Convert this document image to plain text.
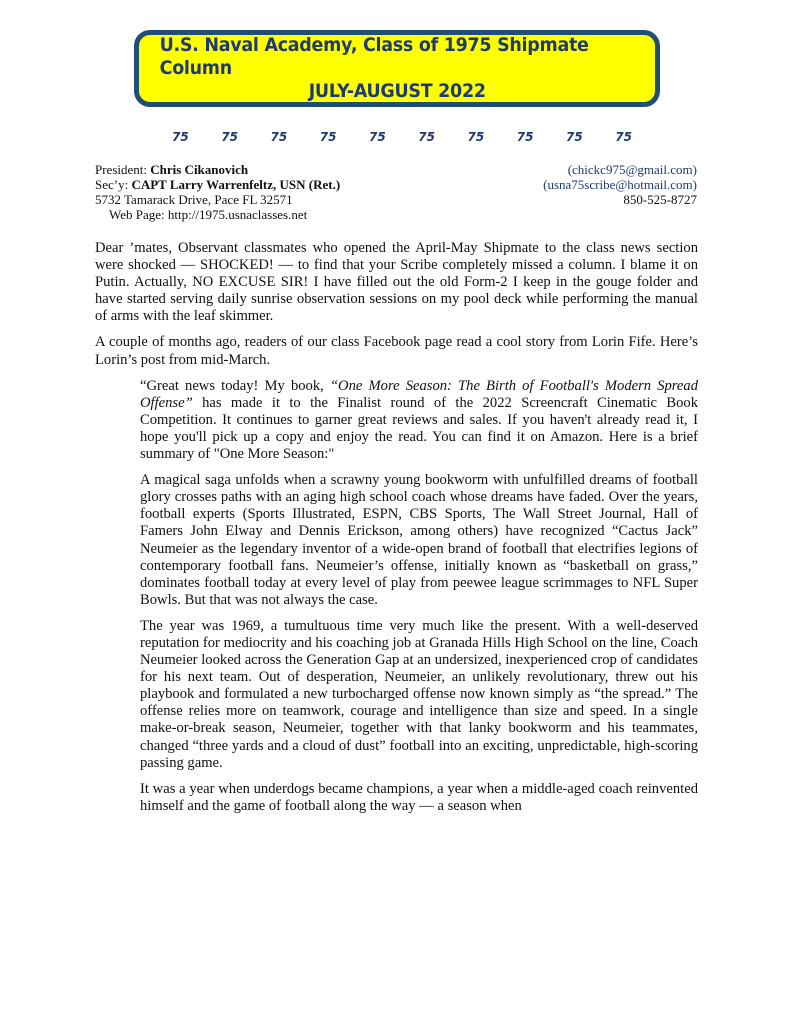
U.S. Naval Academy, Class of 1975 Shipmate Column
JULY-AUGUST 2022
75	75	75	75	75	75	75	75	75	75
President: Chris Cikanovich	(chickc975@gmail.com)
Sec’y: CAPT Larry Warrenfeltz, USN (Ret.)	(usna75scribe@hotmail.com)
5732 Tamarack Drive, Pace FL 32571	850-525-8727
Web Page: http://1975.usnaclasses.net

Dear ’mates, Observant classmates who opened the April-May Shipmate to the class news section were shocked — SHOCKED! — to find that your Scribe completely missed a column. I blame it on Putin. Actually, NO EXCUSE SIR! I have filled out the old Form-2 I keep in the gouge folder and have started serving daily sunrise observation sessions on my pool deck while performing the manual of arms with the leaf skimmer.

A couple of months ago, readers of our class Facebook page read a cool story from Lorin Fife. Here’s Lorin’s post from mid-March.

“Great news today! My book, “One More Season: The Birth of Football's Modern Spread Offense” has made it to the Finalist round of the 2022 Screencraft Cinematic Book Competition. It continues to garner great reviews and sales. If you haven't already read it, I hope you'll pick up a copy and enjoy the read. You can find it on Amazon. Here is a brief summary of "One More Season:"

A magical saga unfolds when a scrawny young bookworm with unfulfilled dreams of football glory crosses paths with an aging high school coach whose dreams have faded. Over the years, football experts (Sports Illustrated, ESPN, CBS Sports, The Wall Street Journal, Hall of Famers John Elway and Dennis Erickson, among others) have recognized “Cactus Jack” Neumeier as the legendary inventor of a wide-open brand of football that electrifies legions of contemporary football fans. Neumeier’s offense, initially known as “basketball on grass,” dominates football today at every level of play from peewee league scrimmages to NFL Super Bowls. But that was not always the case.

The year was 1969, a tumultuous time very much like the present. With a well-deserved reputation for mediocrity and his coaching job at Granada Hills High School on the line, Coach Neumeier looked across the Generation Gap at an undersized, inexperienced crop of candidates for his next team. Out of desperation, Neumeier, an unlikely revolutionary, threw out his playbook and formulated a new turbocharged offense now known simply as “the spread.” The offense relies more on teamwork, courage and intelligence than size and speed. In a single make-or-break season, Neumeier, together with that lanky bookworm and his teammates, changed “three yards and a cloud of dust” football into an exciting, unpredictable, high-scoring passing game.

It was a year when underdogs became champions, a year when a middle-aged coach reinvented himself and the game of football along the way — a season when
